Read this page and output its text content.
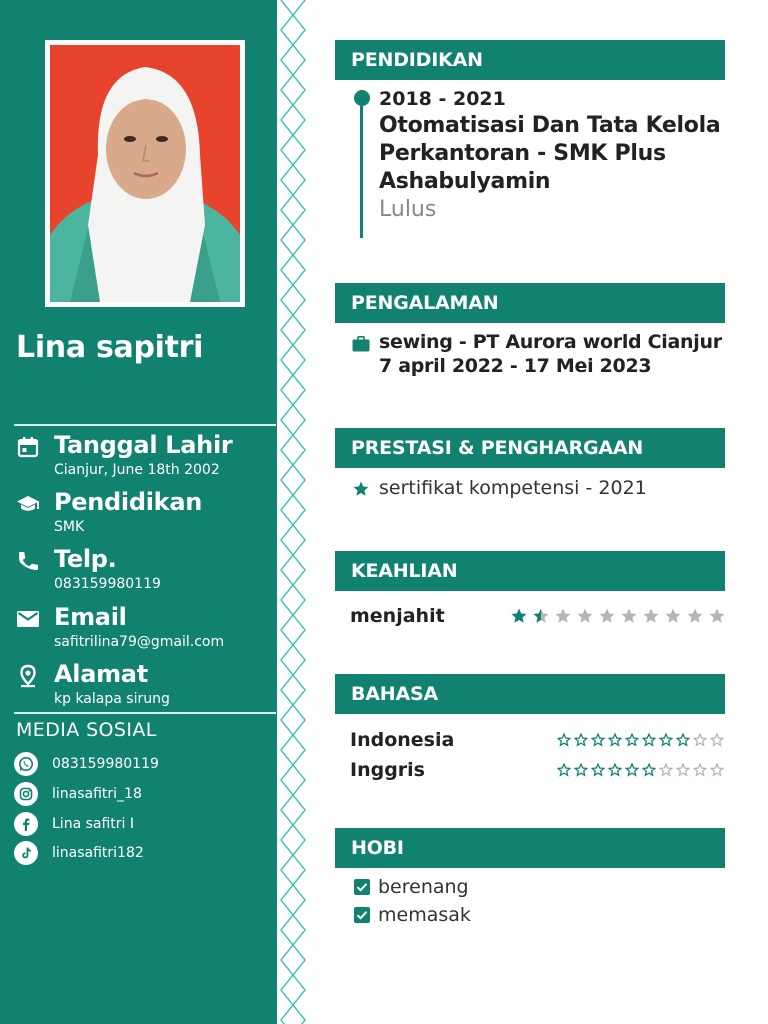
Lina sapitri
Tanggal Lahir
Cianjur, June 18th 2002
Pendidikan
SMK
Telp.
083159980119
Email
safitrilina79@gmail.com
Alamat
kp kalapa sirung
MEDIA SOSIAL
083159980119
linasafitri_18
Lina safitri I
linasafitri182
PENDIDIKAN
2018 - 2021
Otomatisasi Dan Tata Kelola Perkantoran - SMK Plus Ashabulyamin
Lulus
PENGALAMAN
sewing - PT Aurora world Cianjur
7 april 2022 - 17 Mei 2023
PRESTASI & PENGHARGAAN
sertifikat kompetensi - 2021
KEAHLIAN
menjahit
BAHASA
Indonesia
Inggris
HOBI
berenang
memasak
